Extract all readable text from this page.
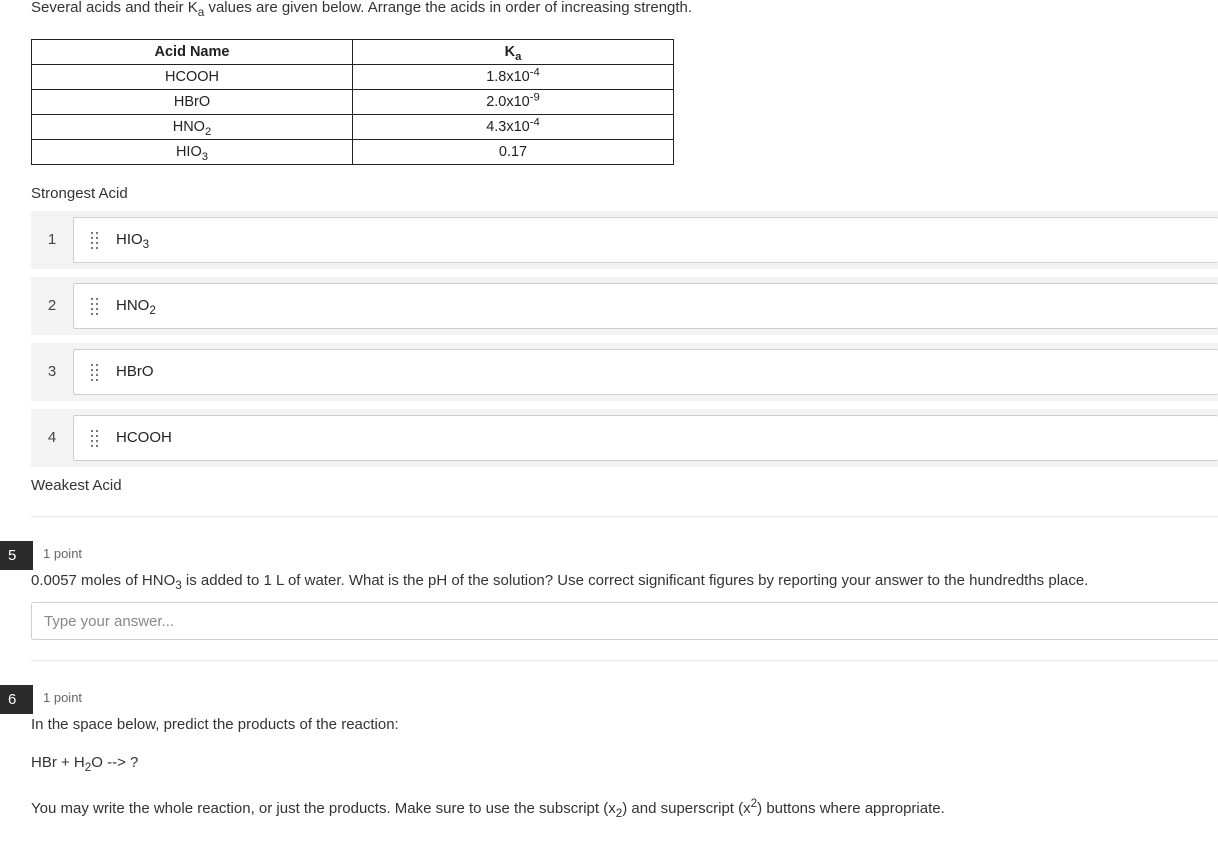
Several acids and their $K_a$ values are given below. Arrange the acids in order of increasing strength.
Acid Name	$K_a$
HCOOH	$1.8x10^{-4}$
HBrO	$2.0x10^{-9}$
$HNO_2$	$4.3x10^{-4}$
$HIO_3$	0.17
Strongest Acid
1	$HIO_3$
2	$HNO_2$
3	HBrO
4	HCOOH
Weakest Acid
5	1 point
0.0057 moles of $HNO_3$ is added to 1 L of water. What is the pH of the solution? Use correct significant figures by reporting your answer to the hundredths place.
Type your answer...
6	1 point
In the space below, predict the products of the reaction:
HBr + $H_2O$ --> ?
You may write the whole reaction, or just the products. Make sure to use the subscript $(x_2)$ and superscript $(x^2)$ buttons where appropriate.
